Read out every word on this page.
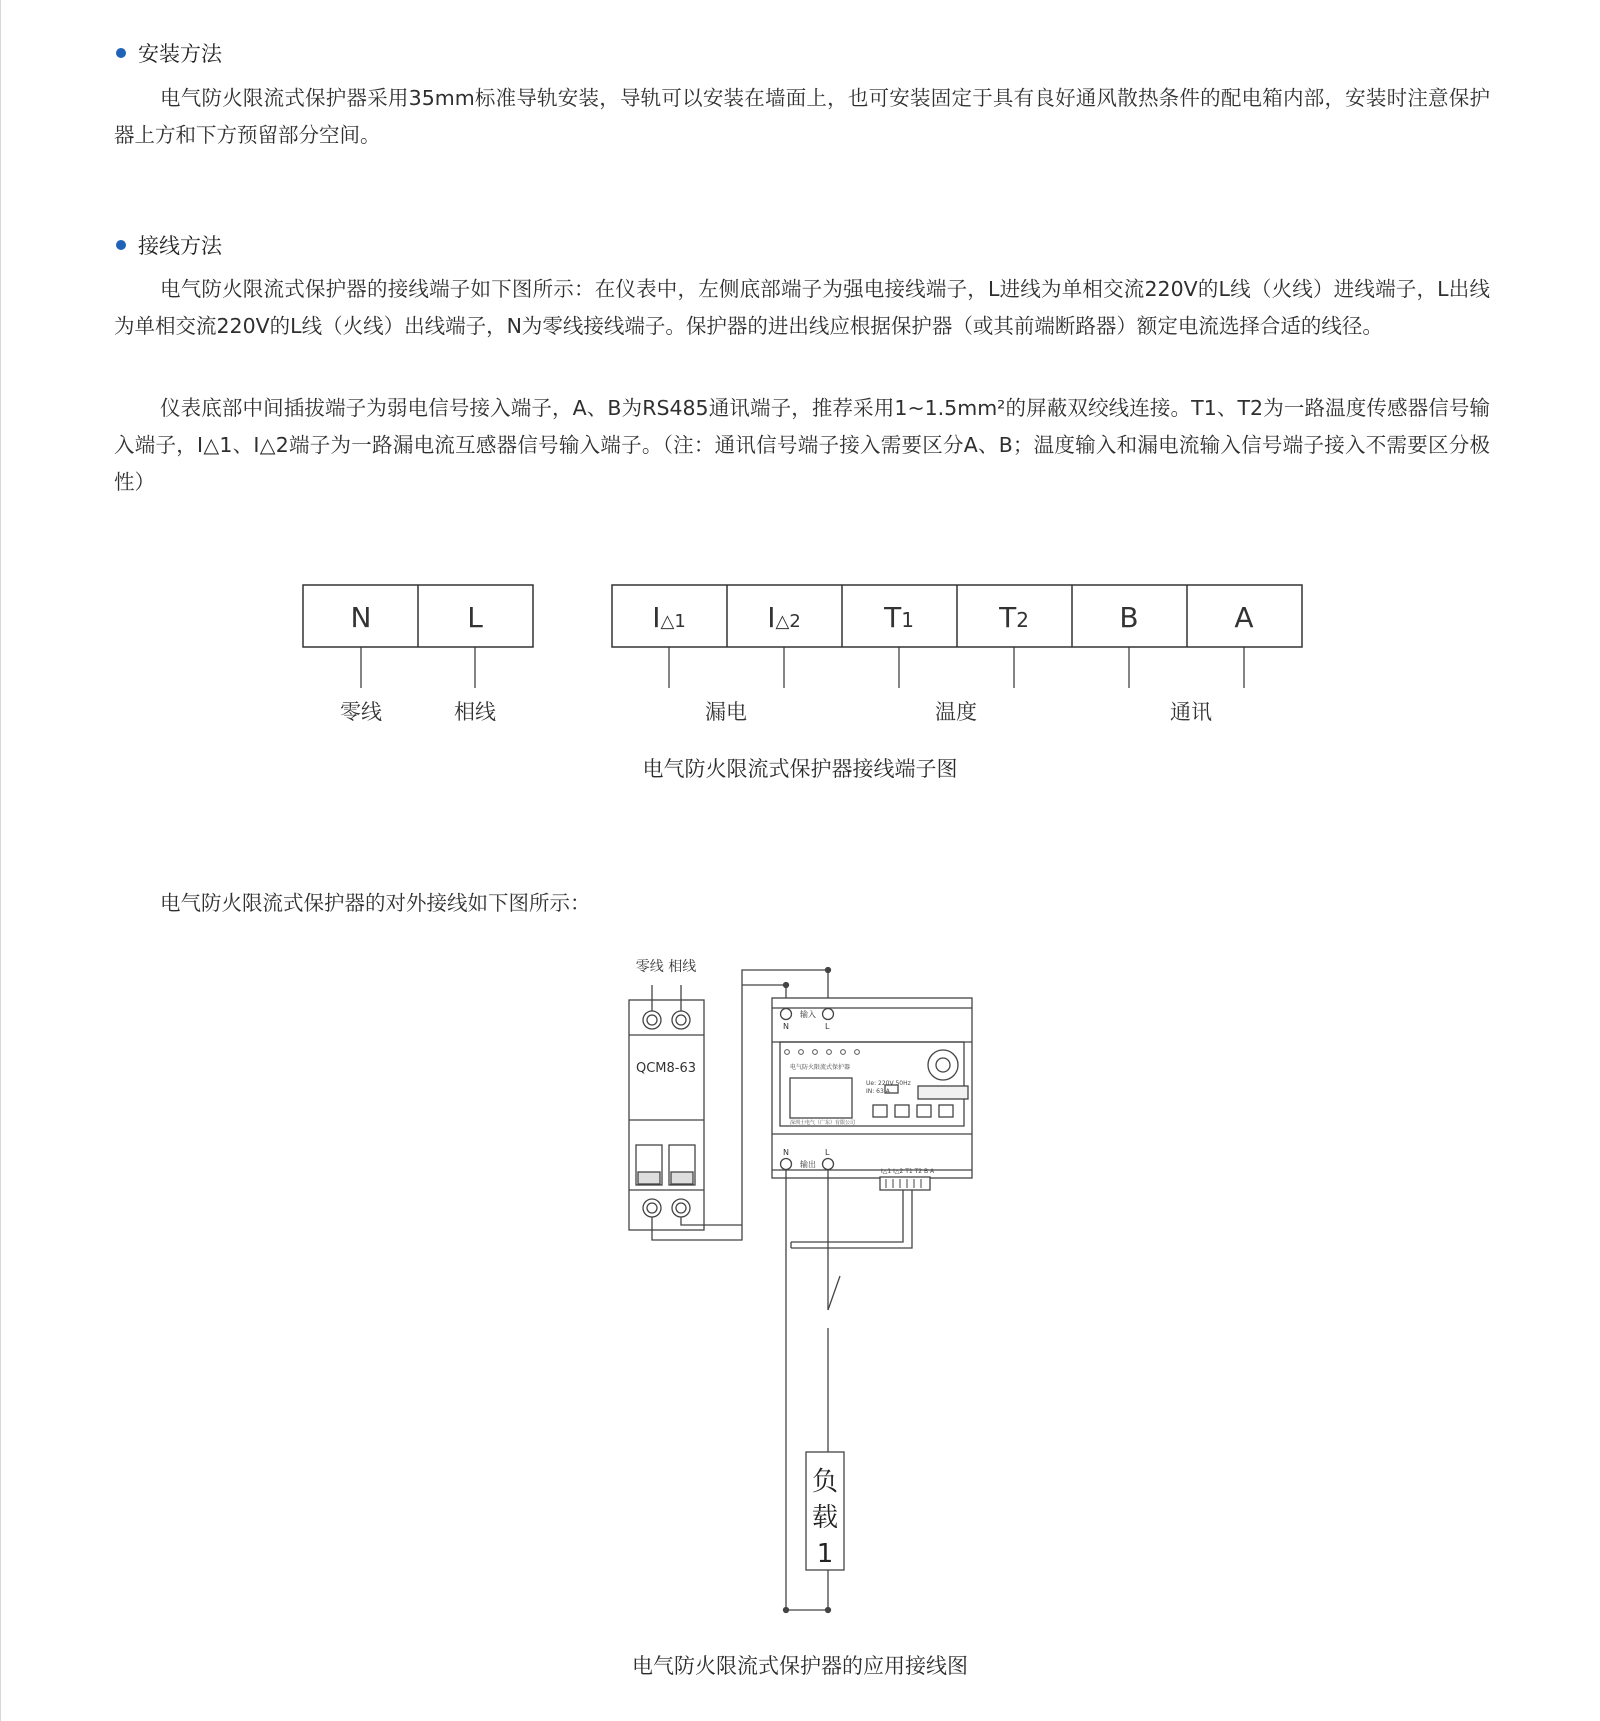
安装方法

电气防火限流式保护器采用35mm标准导轨安装，导轨可以安装在墙面上，也可安装固定于具有良好通风散热条件的配电箱内部，安装时注意保护器上方和下方预留部分空间。

接线方法

电气防火限流式保护器的接线端子如下图所示：在仪表中，左侧底部端子为强电接线端子，L进线为单相交流220V的L线（火线）进线端子，L出线为单相交流220V的L线（火线）出线端子，N为零线接线端子。保护器的进出线应根据保护器（或其前端断路器）额定电流选择合适的线径。

仪表底部中间插拔端子为弱电信号接入端子，A、B为RS485通讯端子，推荐采用1~1.5mm²的屏蔽双绞线连接。T1、T2为一路温度传感器信号输入端子，I△1、I△2端子为一路漏电流互感器信号输入端子。（注：通讯信号端子接入需要区分A、B；温度输入和漏电流输入信号端子接入不需要区分极性）

N	L	I△1	I△2	T1	T2	B	A
零线	相线	漏电	温度	通讯
电气防火限流式保护器接线端子图
电气防火限流式保护器的对外接线如下图所示：
零线 相线
QCM8-63
输入
N	L
输出
N	L
电气防火限流式保护器
Ue: 220V 50Hz
IN: 63 A
深圳士电气（广东）有限公司
I△1 I△2 T1 T2 B A
负
载
1
电气防火限流式保护器的应用接线图
